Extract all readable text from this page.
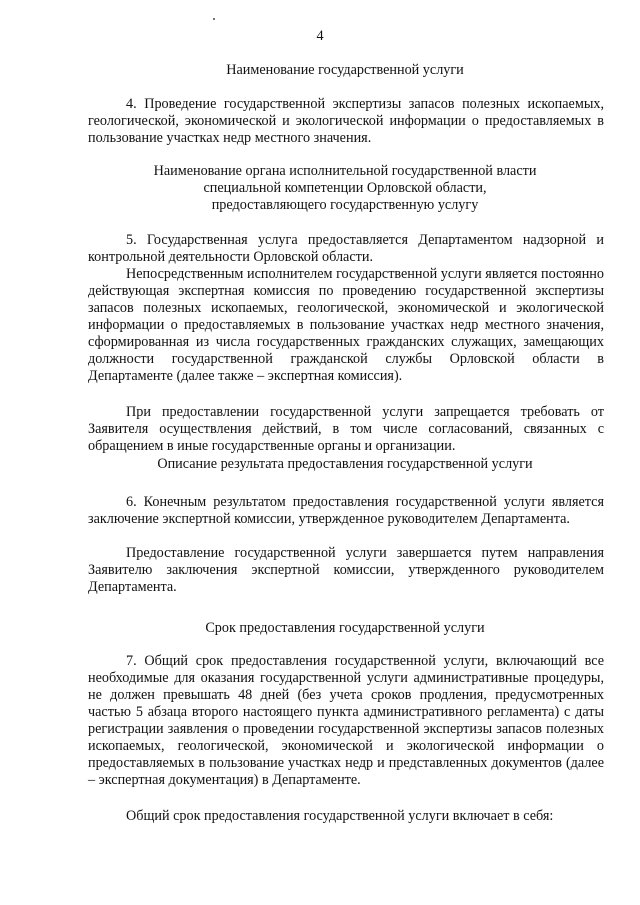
4
Наименование государственной услуги
4. Проведение государственной экспертизы запасов полезных ископаемых, геологической, экономической и экологической информации о предоставляемых в пользование участках недр местного значения.
Наименование органа исполнительной государственной власти
специальной компетенции Орловской области,
предоставляющего государственную услугу
5. Государственная услуга предоставляется Департаментом надзорной и контрольной деятельности Орловской области.
Непосредственным исполнителем государственной услуги является постоянно действующая экспертная комиссия по проведению государственной экспертизы запасов полезных ископаемых, геологической, экономической и экологической информации о предоставляемых в пользование участках недр местного значения, сформированная из числа государственных гражданских служащих, замещающих должности государственной гражданской службы Орловской области в Департаменте (далее также – экспертная комиссия).
При предоставлении государственной услуги запрещается требовать от Заявителя осуществления действий, в том числе согласований, связанных с обращением в иные государственные органы и организации.
Описание результата предоставления государственной услуги
6. Конечным результатом предоставления государственной услуги является заключение экспертной комиссии, утвержденное руководителем Департамента.
Предоставление государственной услуги завершается путем направления Заявителю заключения экспертной комиссии, утвержденного руководителем Департамента.
Срок предоставления государственной услуги
7. Общий срок предоставления государственной услуги, включающий все необходимые для оказания государственной услуги административные процедуры, не должен превышать 48 дней (без учета сроков продления, предусмотренных частью 5 абзаца второго настоящего пункта административного регламента) с даты регистрации заявления о проведении государственной экспертизы запасов полезных ископаемых, геологической, экономической и экологической информации о предоставляемых в пользование участках недр и представленных документов (далее – экспертная документация) в Департаменте.
Общий срок предоставления государственной услуги включает в себя:
